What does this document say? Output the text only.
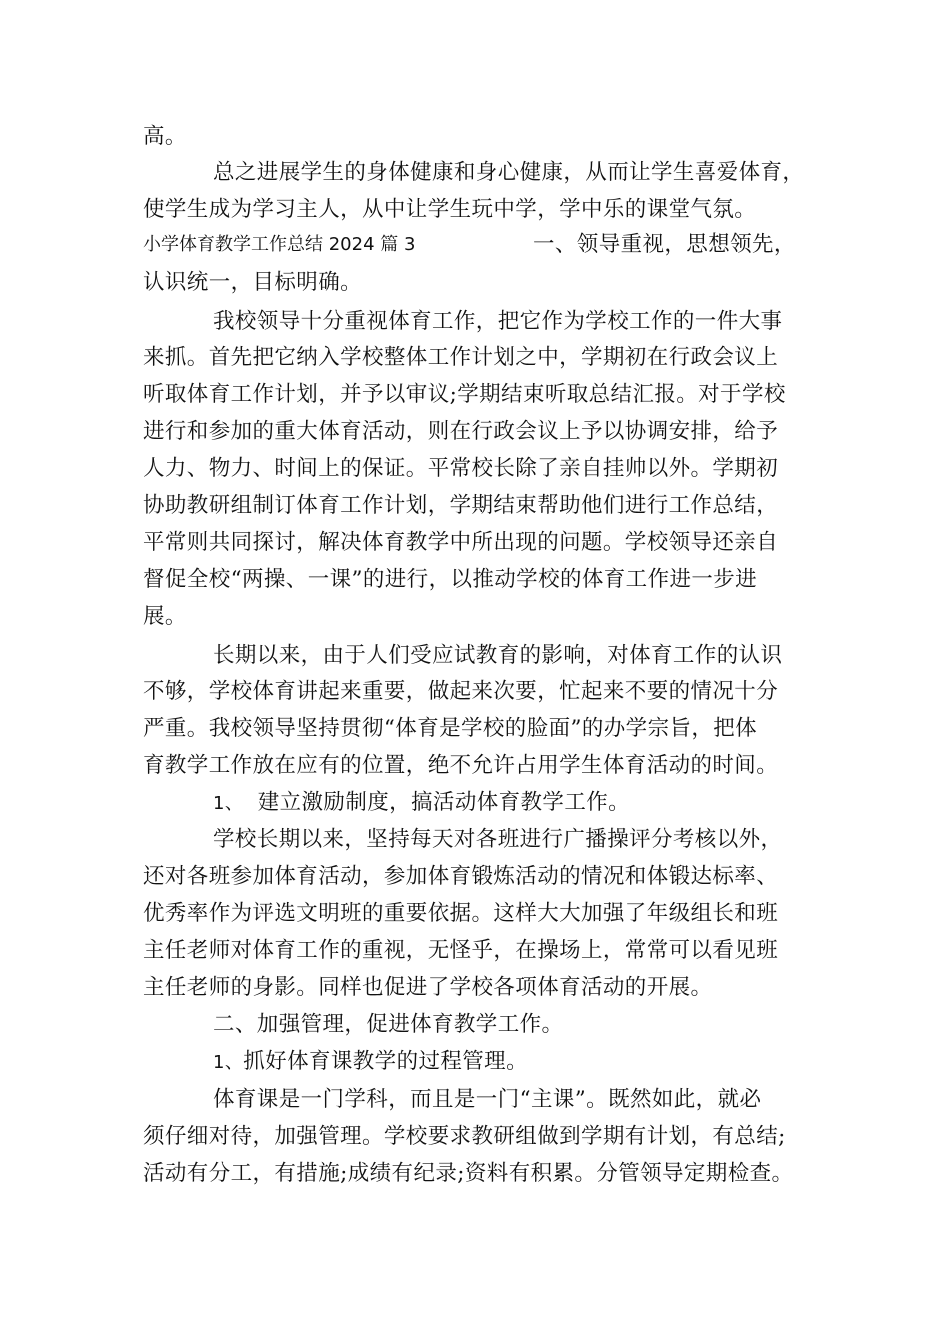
高。
总之进展学生的身体健康和身心健康，从而让学生喜爱体育，
使学生成为学习主人，从中让学生玩中学，学中乐的课堂气氛。
小学体育教学工作总结 2024 篇 3	一、领导重视，思想领先，
认识统一，目标明确。
我校领导十分重视体育工作，把它作为学校工作的一件大事
来抓。首先把它纳入学校整体工作计划之中，学期初在行政会议上
听取体育工作计划，并予以审议;学期结束听取总结汇报。对于学校
进行和参加的重大体育活动，则在行政会议上予以协调安排，给予
人力、物力、时间上的保证。平常校长除了亲自挂帅以外。学期初
协助教研组制订体育工作计划，学期结束帮助他们进行工作总结，
平常则共同探讨，解决体育教学中所出现的问题。学校领导还亲自
督促全校“两操、一课”的进行，以推动学校的体育工作进一步进
展。
长期以来，由于人们受应试教育的影响，对体育工作的认识
不够，学校体育讲起来重要，做起来次要，忙起来不要的情况十分
严重。我校领导坚持贯彻“体育是学校的脸面”的办学宗旨，把体
育教学工作放在应有的位置，绝不允许占用学生体育活动的时间。
1、 建立激励制度，搞活动体育教学工作。
学校长期以来，坚持每天对各班进行广播操评分考核以外，
还对各班参加体育活动，参加体育锻炼活动的情况和体锻达标率、
优秀率作为评选文明班的重要依据。这样大大加强了年级组长和班
主任老师对体育工作的重视，无怪乎，在操场上，常常可以看见班
主任老师的身影。同样也促进了学校各项体育活动的开展。
二、加强管理，促进体育教学工作。
1、抓好体育课教学的过程管理。
体育课是一门学科，而且是一门“主课”。既然如此，就必
须仔细对待，加强管理。学校要求教研组做到学期有计划，有总结;
活动有分工，有措施;成绩有纪录;资料有积累。分管领导定期检查。
